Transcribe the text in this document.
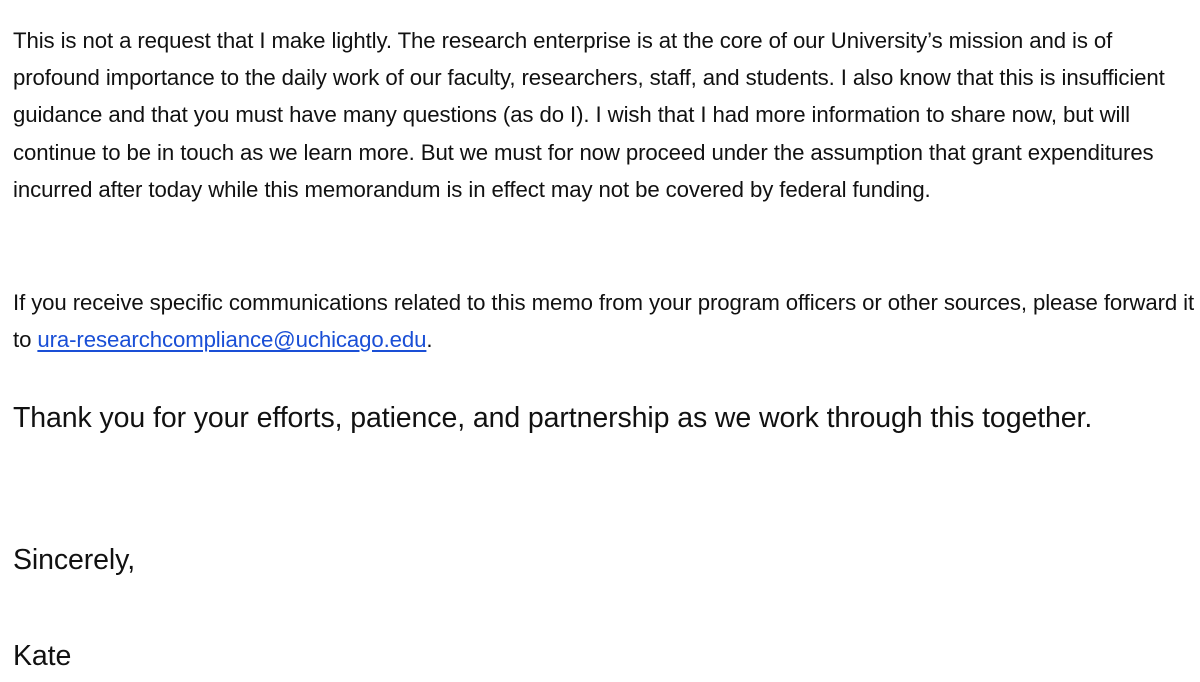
This is not a request that I make lightly. The research enterprise is at the core of our University’s mission and is of profound importance to the daily work of our faculty, researchers, staff, and students. I also know that this is insufficient guidance and that you must have many questions (as do I). I wish that I had more information to share now, but will continue to be in touch as we learn more. But we must for now proceed under the assumption that grant expenditures incurred after today while this memorandum is in effect may not be covered by federal funding.

If you receive specific communications related to this memo from your program officers or other sources, please forward it to ura-researchcompliance@uchicago.edu.

Thank you for your efforts, patience, and partnership as we work through this together.

Sincerely,

Kate
